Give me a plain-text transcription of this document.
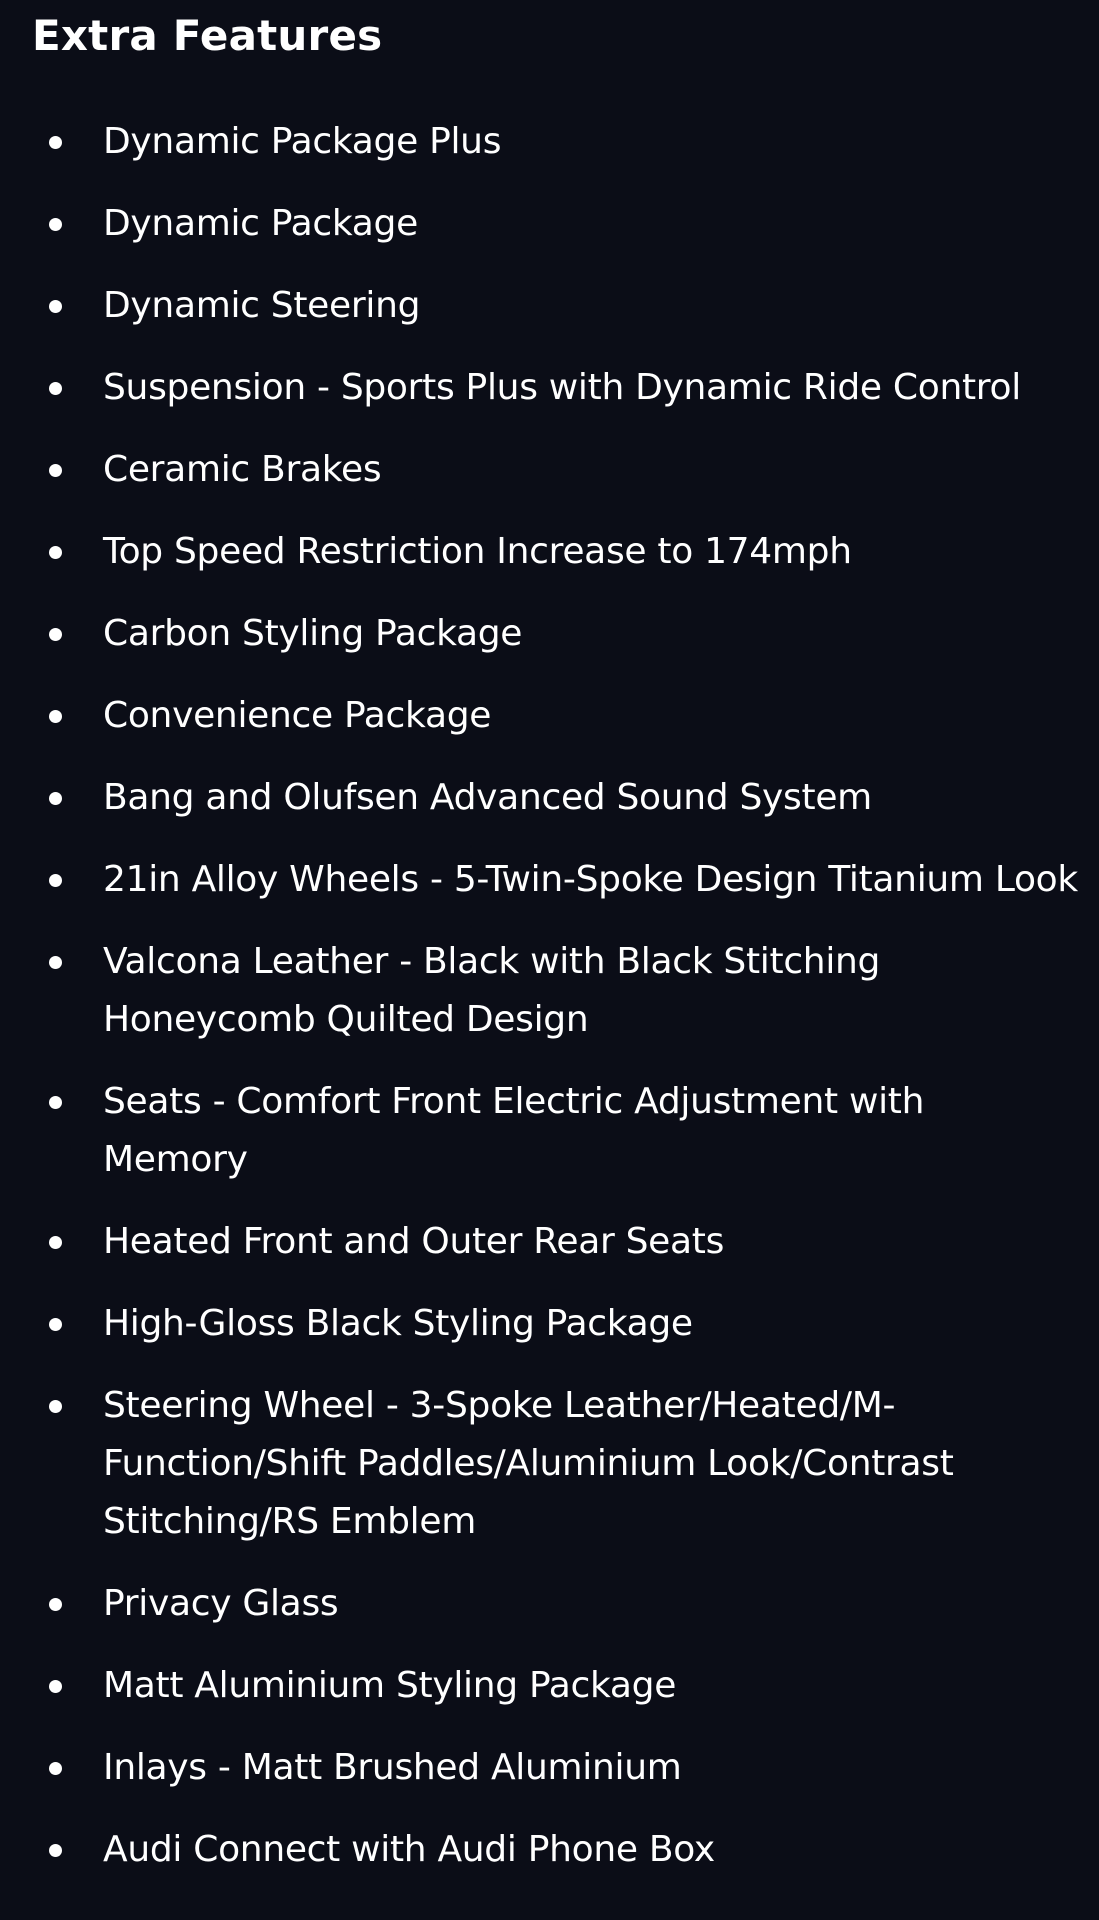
Extra Features
Dynamic Package Plus
Dynamic Package
Dynamic Steering
Suspension - Sports Plus with Dynamic Ride Control
Ceramic Brakes
Top Speed Restriction Increase to 174mph
Carbon Styling Package
Convenience Package
Bang and Olufsen Advanced Sound System
21in Alloy Wheels - 5-Twin-Spoke Design Titanium Look
Valcona Leather - Black with Black Stitching Honeycomb Quilted Design
Seats - Comfort Front Electric Adjustment with Memory
Heated Front and Outer Rear Seats
High-Gloss Black Styling Package
Steering Wheel - 3-Spoke Leather/Heated/M-Function/Shift Paddles/Aluminium Look/Contrast Stitching/RS Emblem
Privacy Glass
Matt Aluminium Styling Package
Inlays - Matt Brushed Aluminium
Audi Connect with Audi Phone Box
